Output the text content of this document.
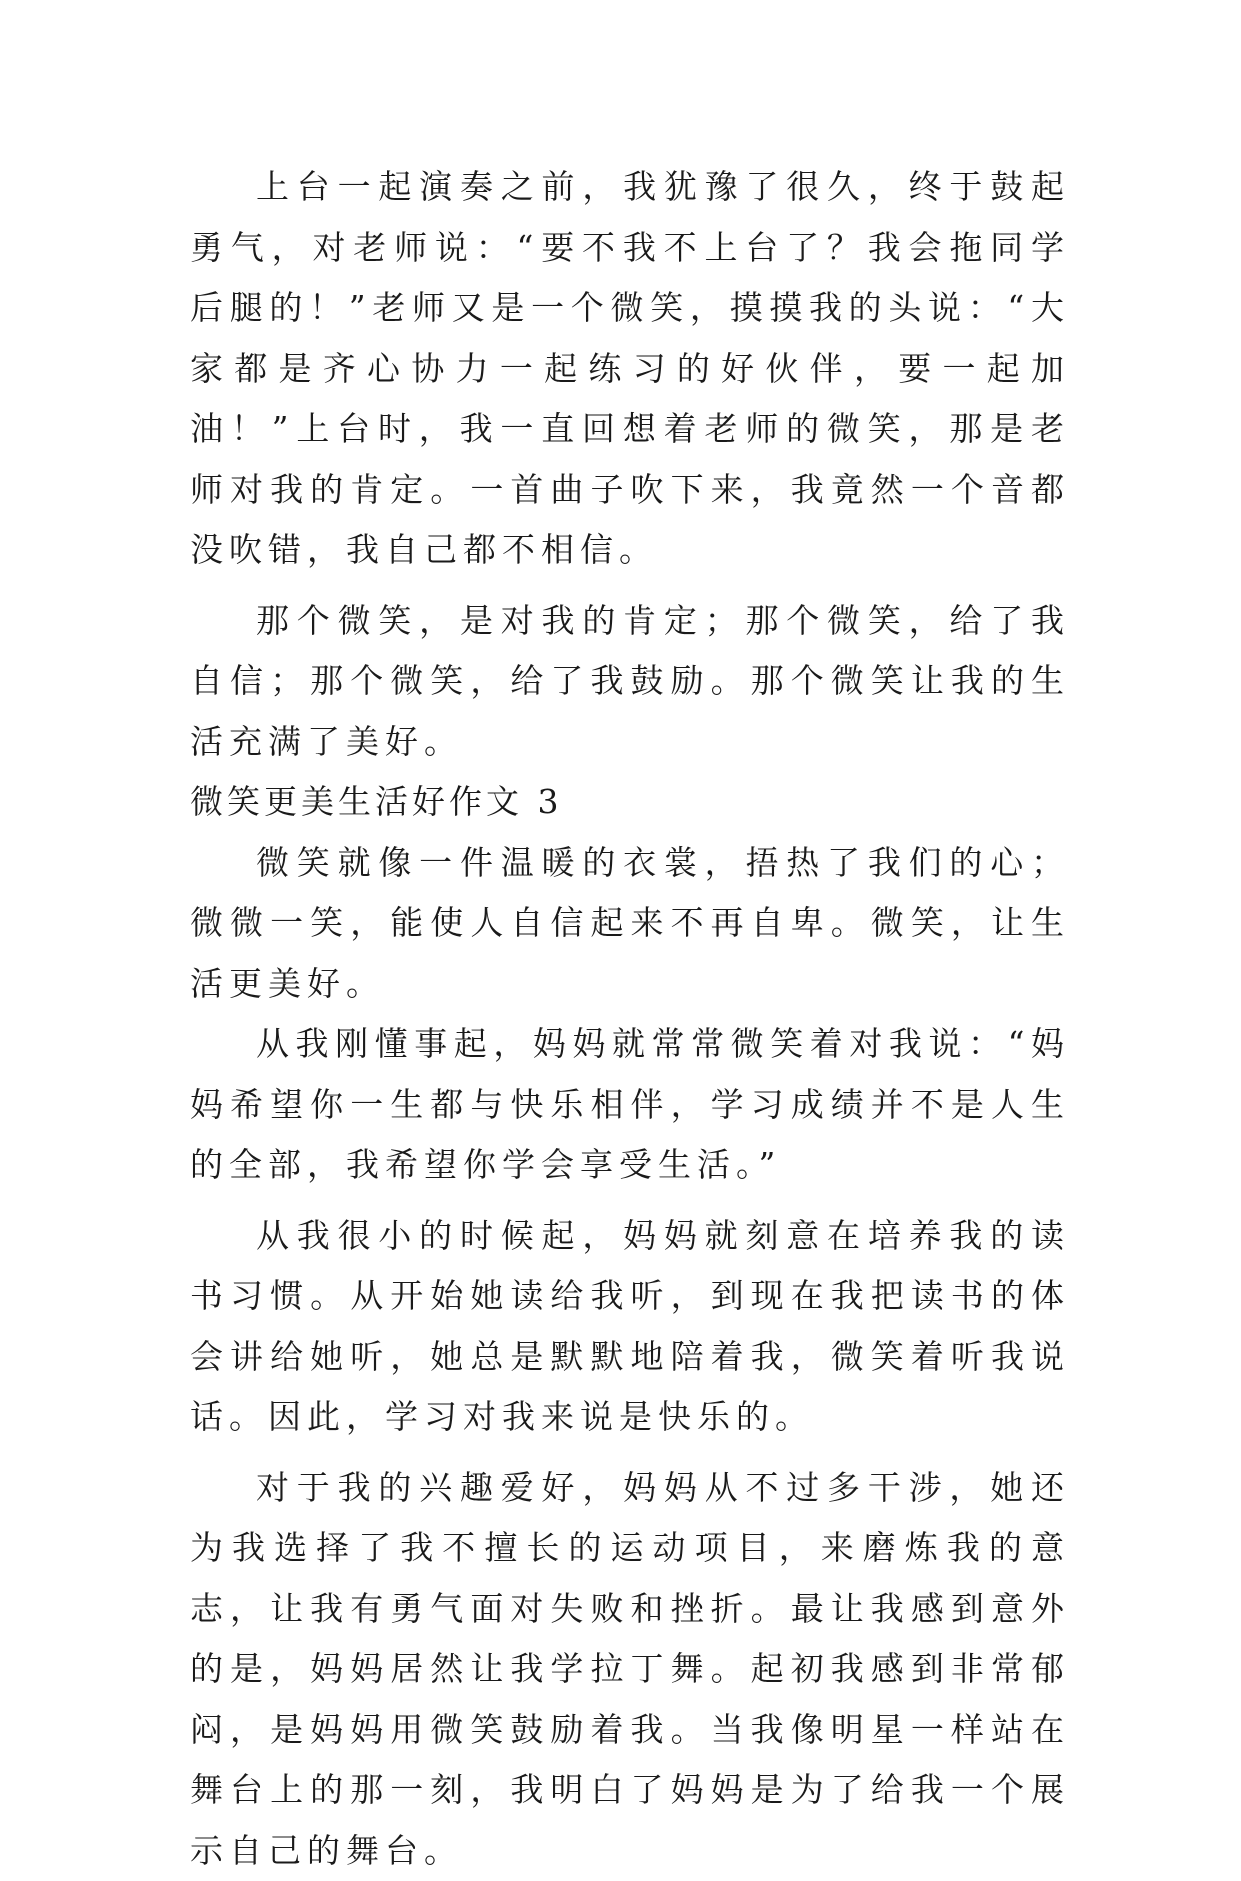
上台一起演奏之前，我犹豫了很久，终于鼓起勇气，对老师说：“要不我不上台了？我会拖同学后腿的！”老师又是一个微笑，摸摸我的头说：“大家都是齐心协力一起练习的好伙伴，要一起加油！”上台时，我一直回想着老师的微笑，那是老师对我的肯定。一首曲子吹下来，我竟然一个音都没吹错，我自己都不相信。

那个微笑，是对我的肯定；那个微笑，给了我自信；那个微笑，给了我鼓励。那个微笑让我的生活充满了美好。

微笑更美生活好作文 3

微笑就像一件温暖的衣裳，捂热了我们的心；微微一笑，能使人自信起来不再自卑。微笑，让生活更美好。

从我刚懂事起，妈妈就常常微笑着对我说：“妈妈希望你一生都与快乐相伴，学习成绩并不是人生的全部，我希望你学会享受生活。”

从我很小的时候起，妈妈就刻意在培养我的读书习惯。从开始她读给我听，到现在我把读书的体会讲给她听，她总是默默地陪着我，微笑着听我说话。因此，学习对我来说是快乐的。

对于我的兴趣爱好，妈妈从不过多干涉，她还为我选择了我不擅长的运动项目，来磨炼我的意志，让我有勇气面对失败和挫折。最让我感到意外的是，妈妈居然让我学拉丁舞。起初我感到非常郁闷，是妈妈用微笑鼓励着我。当我像明星一样站在舞台上的那一刻，我明白了妈妈是为了给我一个展示自己的舞台。
